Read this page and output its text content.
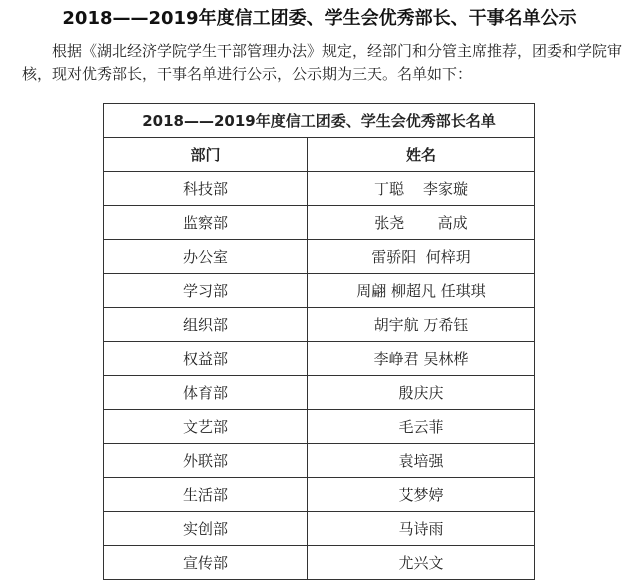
2018——2019年度信工团委、学生会优秀部长、干事名单公示
根据《湖北经济学院学生干部管理办法》规定，经部门和分管主席推荐，团委和学院审核，现对优秀部长，干事名单进行公示，公示期为三天。名单如下：
2018——2019年度信工团委、学生会优秀部长名单	
部门	姓名
科技部	丁聪    李家璇
监察部	张尧       高成
办公室	雷骄阳  何梓玥
学习部	周翩 柳超凡 任琪琪
组织部	胡宇航 万希钰
权益部	李峥君 吴林桦
体育部	殷庆庆
文艺部	毛云菲
外联部	袁培强
生活部	艾梦婷
实创部	马诗雨
宣传部	尤兴文
